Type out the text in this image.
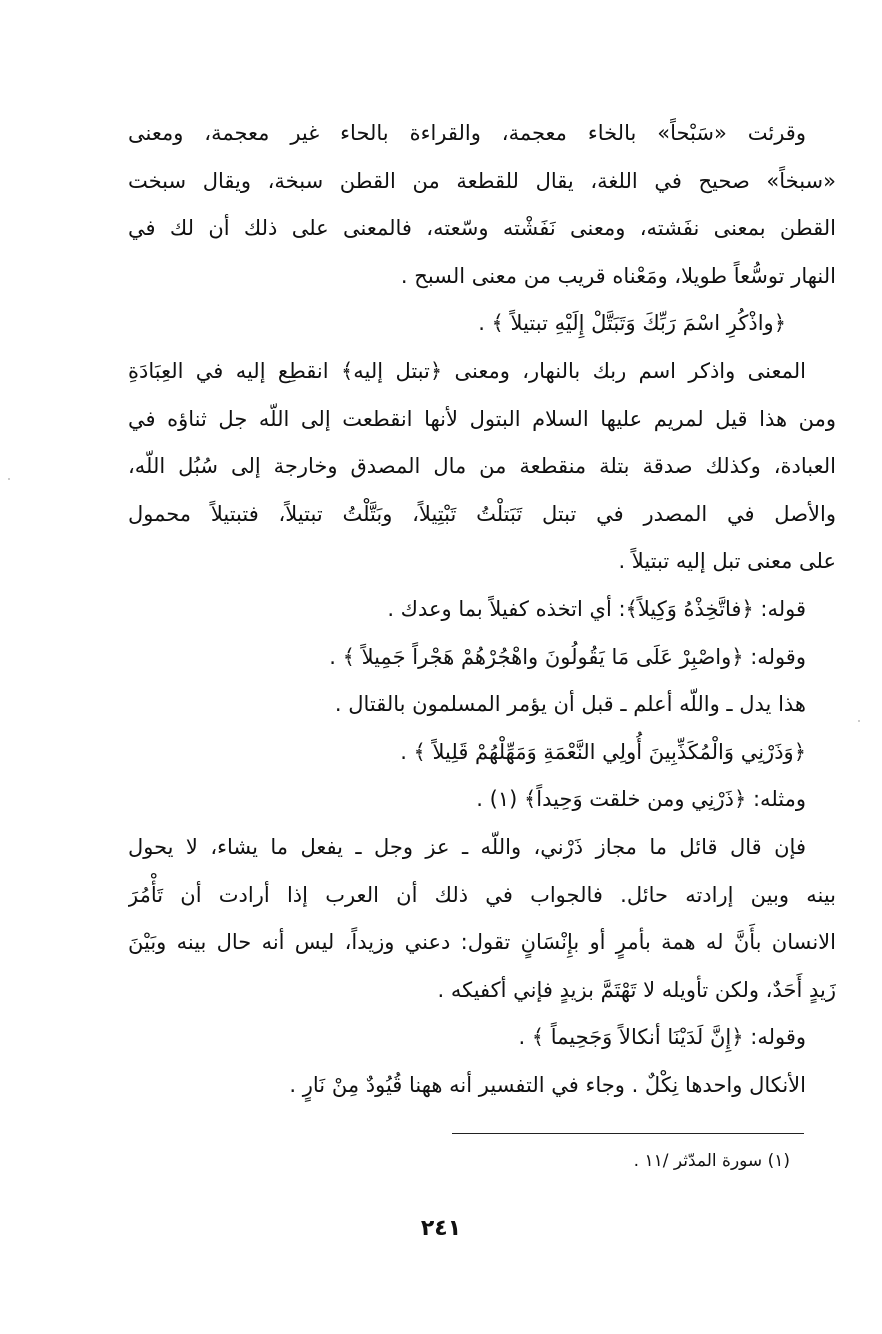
وقرئت «سَبْحاً» بالخاء معجمة، والقراءة بالحاء غير معجمة، ومعنى
«سبخاً» صحيح في اللغة، يقال للقطعة من القطن سبخة، ويقال سبخت
القطن بمعنى نفَشته، ومعنى نَفَشْته وسّعته، فالمعنى على ذلك أن لك في
النهار توسُّعاً طويلا، ومَعْناه قريب من معنى السبح .
﴿واذْكُرِ اسْمَ رَبِّكَ وَتَبَتَّلْ إِلَيْهِ تبتيلاً ﴾ .
المعنى واذكر اسم ربك بالنهار، ومعنى ﴿تبتل إليه﴾ انقطِع إليه في العِبَادَةِ
ومن هذا قيل لمريم عليها السلام البتول لأنها انقطعت إلى اللّه جل ثناؤه في
العبادة، وكذلك صدقة بتلة منقطعة من مال المصدق وخارجة إلى سُبُل اللّه،
والأصل في المصدر في تبتل تَبَتلْتُ تَبْتِيلاً، وبَتَّلْتُ تبتيلاً، فتبتيلاً محمول
على معنى تبل إليه تبتيلاً .
قوله: ﴿فاتَّخِذْهُ وَكِيلاً﴾: أي اتخذه كفيلاً بما وعدك .
وقوله: ﴿واصْبِرْ عَلَى مَا يَقُولُونَ واهْجُرْهُمْ هَجْراً جَمِيلاً ﴾ .
هذا يدل ـ واللّه أعلم ـ قبل أن يؤمر المسلمون بالقتال .
﴿وَذَرْنِي وَالْمُكَذِّبِينَ أُولِي النَّعْمَةِ وَمَهِّلْهُمْ قَلِيلاً ﴾ .
ومثله: ﴿ذَرْنِي ومن خلقت وَحِيداً﴾ (١) .
فإن قال قائل ما مجاز ذَرْني، واللّه ـ عز وجل ـ يفعل ما يشاء، لا يحول
بينه وبين إرادته حائل. فالجواب في ذلك أن العرب إذا أرادت أن تَأْمُرَ
الانسان بأَنَّ له همة بأمرٍ أو بإِنْسَانٍ تقول: دعني وزيداً، ليس أنه حال بينه وبَيْنَ
زَيدٍ أَحَدٌ، ولكن تأويله لا تَهْتَمَّ بزيدٍ فإني أكفيكه .
وقوله: ﴿إِنَّ لَدَيْنَا أنكالاً وَجَحِيماً ﴾ .
الأنكال واحدها نِكْلٌ . وجاء في التفسير أنه ههنا قُيُودٌ مِنْ نَارٍ .
(١) سورة المدّثر /١١ .
٢٤١
